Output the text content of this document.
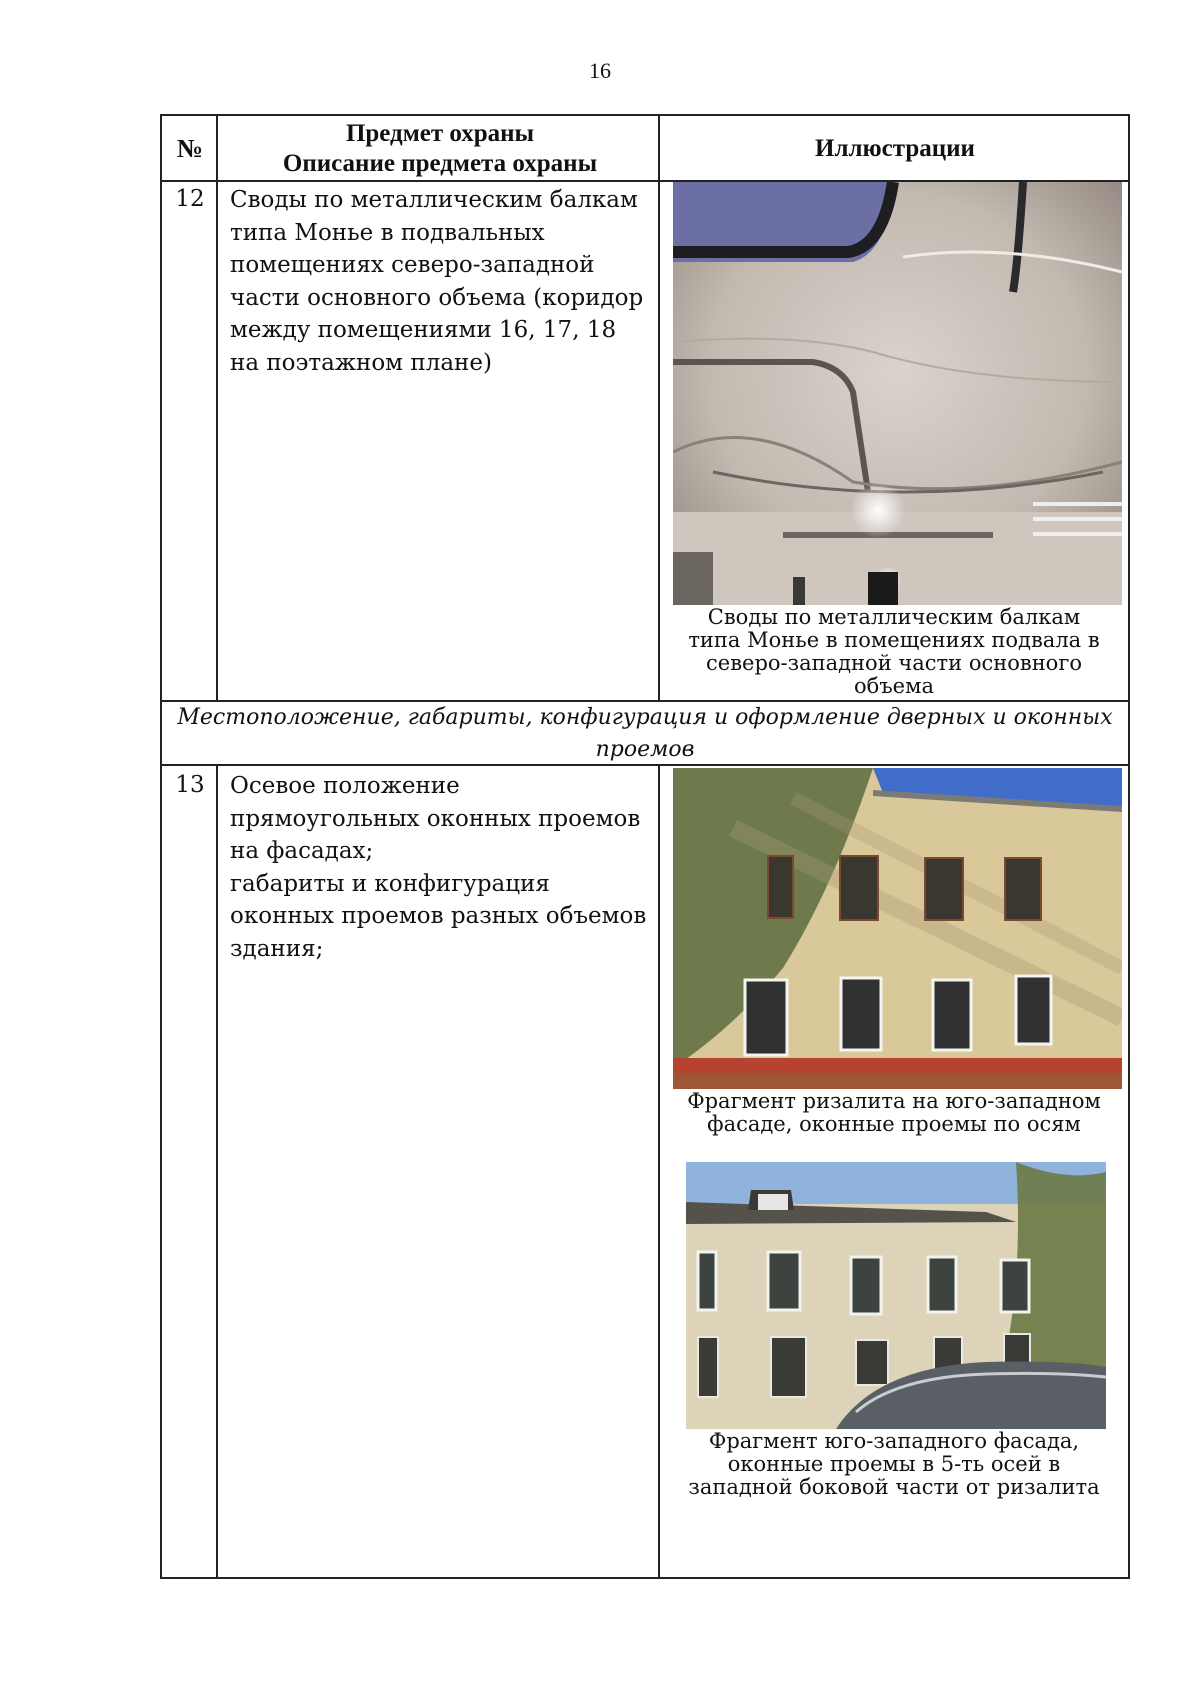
16
№
Предмет охраны
Описание предмета охраны
Иллюстрации
12	Своды по металлическим балкам
типа Монье в подвальных
помещениях северо-западной
части основного объема (коридор
между помещениями 16, 17, 18
на поэтажном плане)
Своды по металлическим балкам
типа Монье в помещениях подвала в
северо-западной части основного
объема
Местоположение, габариты, конфигурация и оформление дверных и оконных
проемов
13	Осевое положение
прямоугольных оконных проемов
на фасадах;
габариты и конфигурация
оконных проемов разных объемов
здания;
Фрагмент ризалита на юго-западном
фасаде, оконные проемы по осям
Фрагмент юго-западного фасада,
оконные проемы в 5-ть осей в
западной боковой части от ризалита
